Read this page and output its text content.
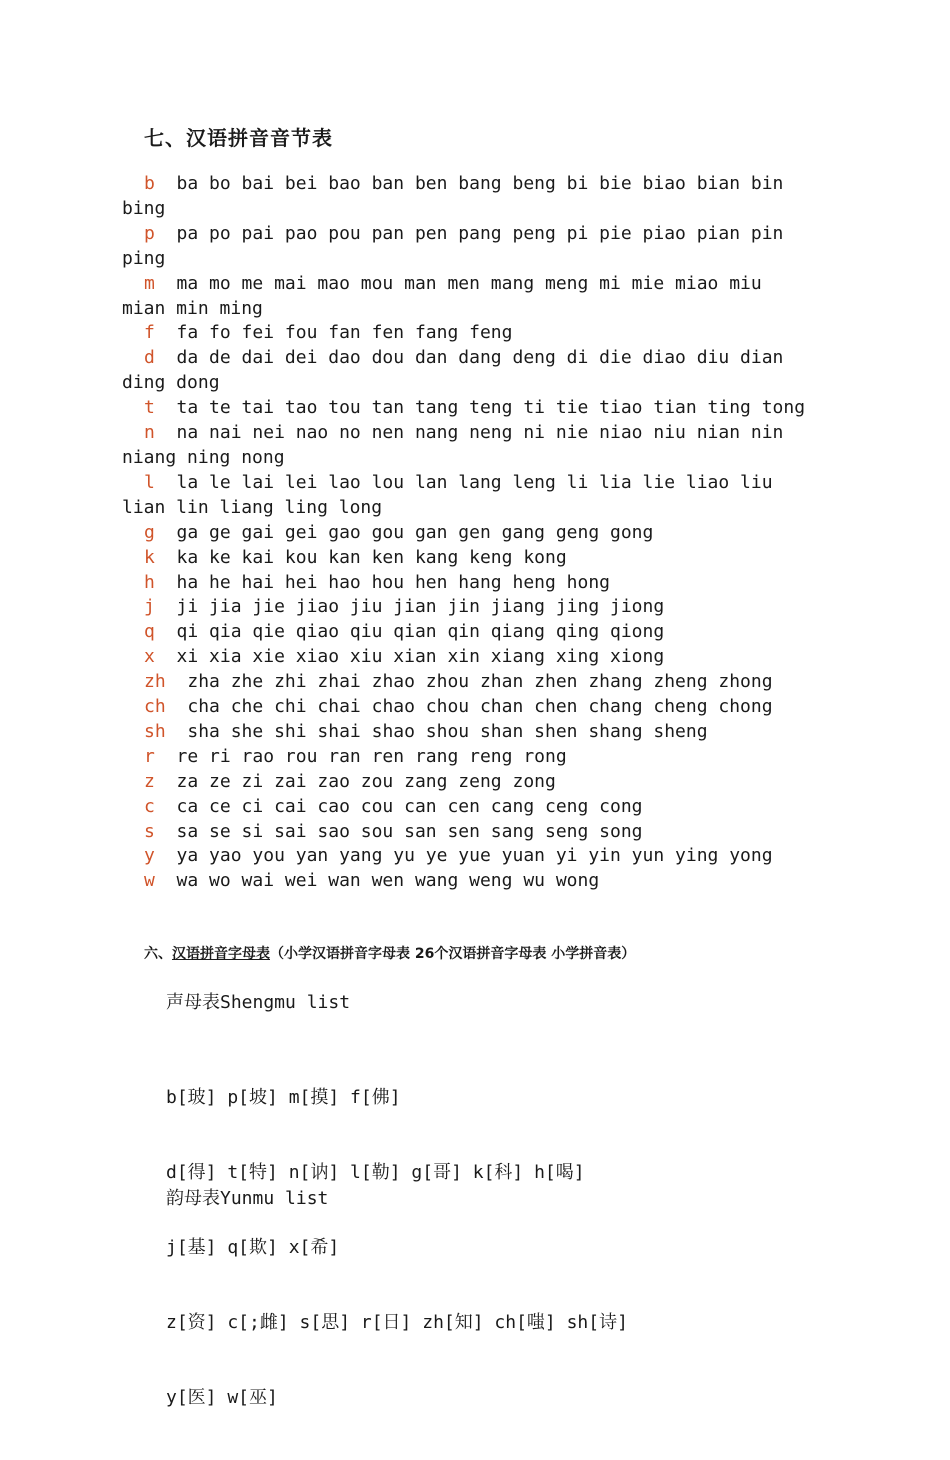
七、汉语拼音音节表
b ba bo bai bei bao ban ben bang beng bi bie biao bian bin bing
p pa po pai pao pou pan pen pang peng pi pie piao pian pin ping
m ma mo me mai mao mou man men mang meng mi mie miao miu mian min ming
f fa fo fei fou fan fen fang feng
d da de dai dei dao dou dan dang deng di die diao diu dian ding dong
t ta te tai tao tou tan tang teng ti tie tiao tian ting tong
n na nai nei nao no nen nang neng ni nie niao niu nian nin niang ning nong
l la le lai lei lao lou lan lang leng li lia lie liao liu lian lin liang ling long
g ga ge gai gei gao gou gan gen gang geng gong
k ka ke kai kou kan ken kang keng kong
h ha he hai hei hao hou hen hang heng hong
j ji jia jie jiao jiu jian jin jiang jing jiong
q qi qia qie qiao qiu qian qin qiang qing qiong
x xi xia xie xiao xiu xian xin xiang xing xiong
zh zha zhe zhi zhai zhao zhou zhan zhen zhang zheng zhong
ch cha che chi chai chao chou chan chen chang cheng chong
sh sha she shi shai shao shou shan shen shang sheng
r re ri rao rou ran ren rang reng rong
z za ze zi zai zao zou zang zeng zong
c ca ce ci cai cao cou can cen cang ceng cong
s sa se si sai sao sou san sen sang seng song
y ya yao you yan yang yu ye yue yuan yi yin yun ying yong
w wa wo wai wei wan wen wang weng wu wong

六、汉语拼音字母表（小学汉语拼音字母表 26个汉语拼音字母表 小学拼音表）

声母表Shengmu list

b[玻] p[坡] m[摸] f[佛]

d[得] t[特] n[讷] l[勒] g[哥] k[科] h[喝]

j[基] q[欺] x[希]

z[资] c[;雌] s[思] r[日] zh[知] ch[嗤] sh[诗]

y[医] w[巫]

韵母表Yunmu list
